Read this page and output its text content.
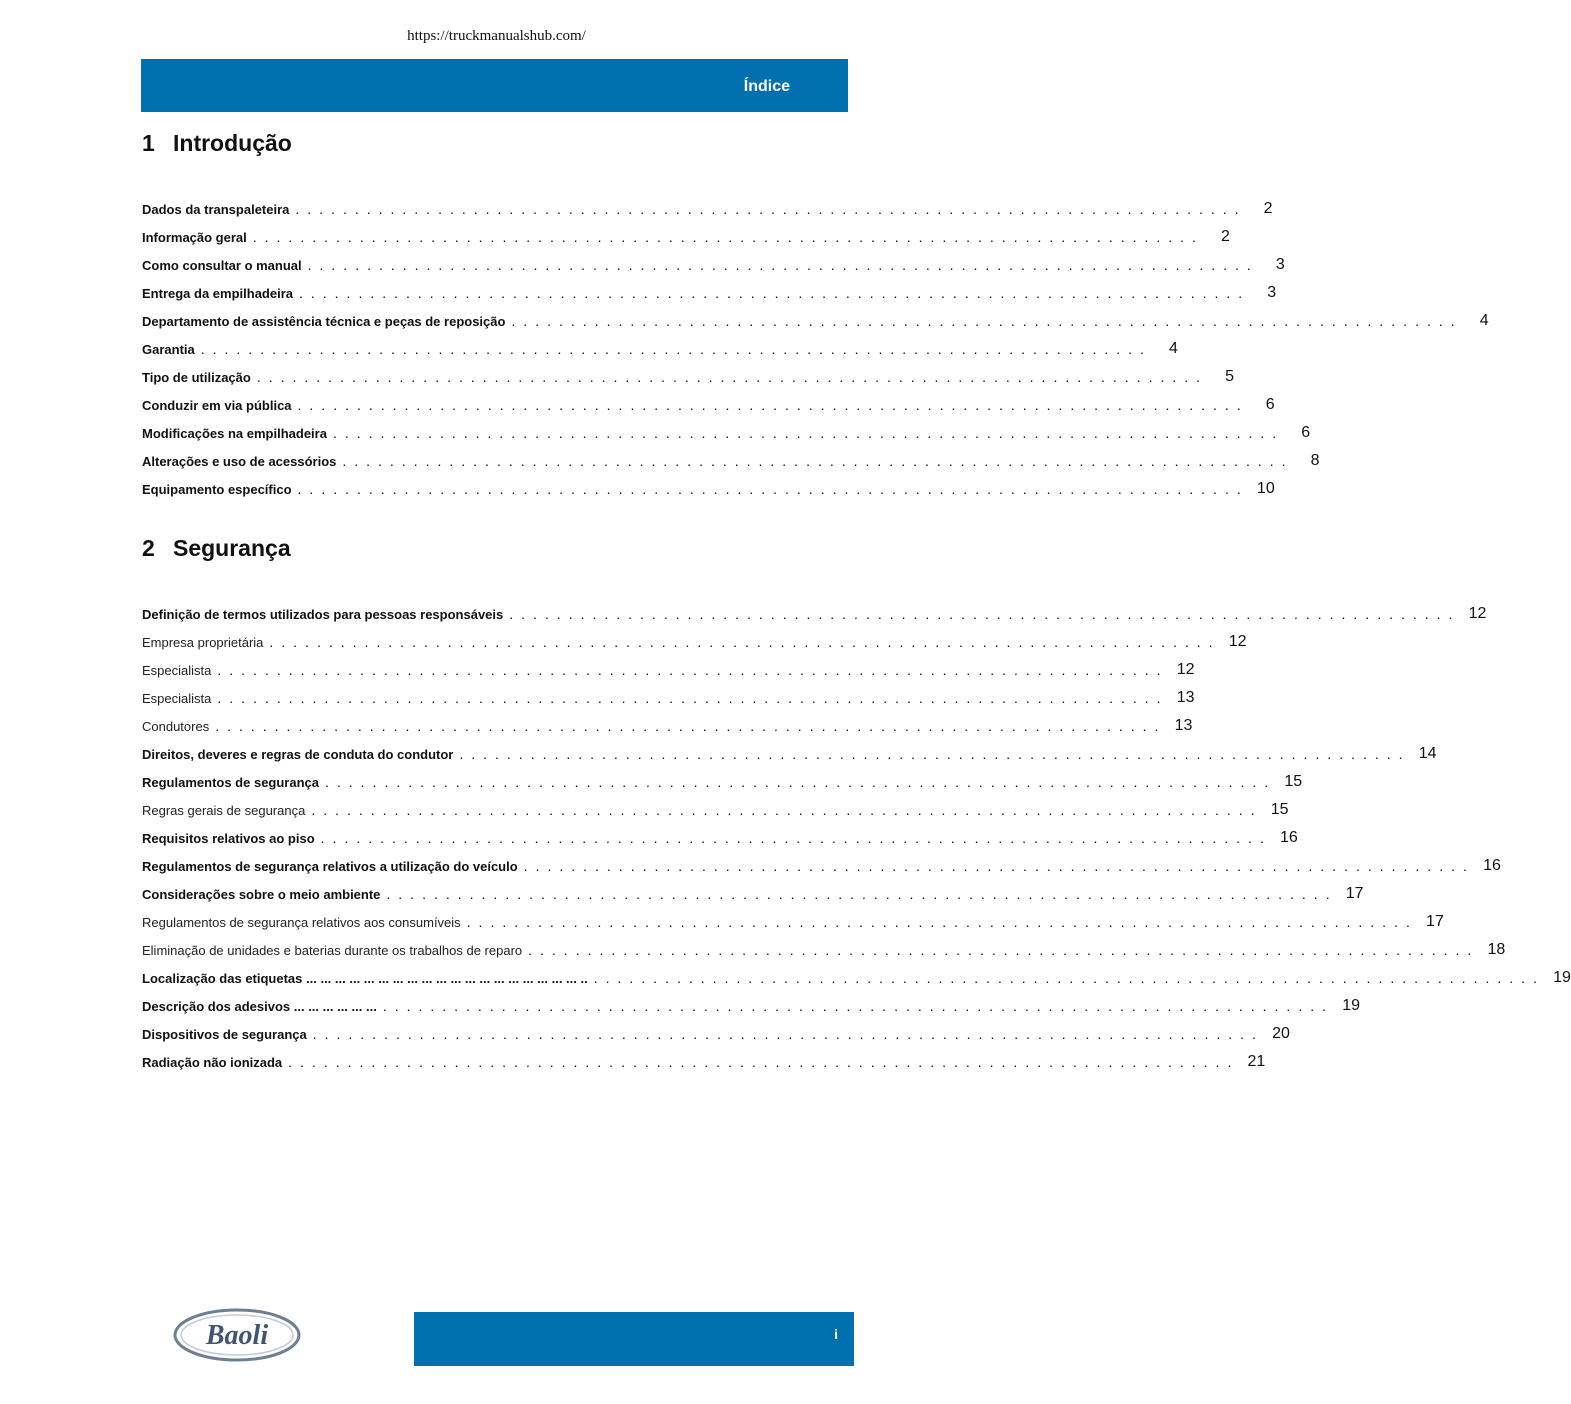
https://truckmanualshub.com/
Índice
1 Introdução
Dados da transpaleteira ................................................................................	2
Informação geral ................................................................................	2
Como consultar o manual ................................................................................	3
Entrega da empilhadeira ................................................................................	3
Departamento de assistência técnica e peças de reposição ................................................................................	4
Garantia ................................................................................	4
Tipo de utilização ................................................................................	5
Conduzir em via pública ................................................................................	6
Modificações na empilhadeira ................................................................................	6
Alterações e uso de acessórios ................................................................................	8
Equipamento específico ................................................................................ 10
2 Segurança
Definição de termos utilizados para pessoas responsáveis ................................................................................ 12
Empresa proprietária ................................................................................ 12
Especialista ................................................................................ 12
Especialista ................................................................................ 13
Condutores ................................................................................ 13
Direitos, deveres e regras de conduta do condutor ................................................................................ 14
Regulamentos de segurança ................................................................................ 15
Regras gerais de segurança ................................................................................ 15
Requisitos relativos ao piso ................................................................................ 16
Regulamentos de segurança relativos a utilização do veículo ................................................................................ 16
Considerações sobre o meio ambiente ................................................................................ 17
Regulamentos de segurança relativos aos consumíveis ................................................................................ 17
Eliminação de unidades e baterias durante os trabalhos de reparo ................................................................................ 18
Localização das etiquetas ... ... ... ... ... ... ... ... ... ... ... ... ... ... ... ... ... ... ... .. ................................................................................ 19
Descrição dos adesivos ... ... ... ... ... ... ................................................................................ 19
Dispositivos de segurança ................................................................................ 20
Radiação não ionizada ................................................................................ 21
Baoli	i
